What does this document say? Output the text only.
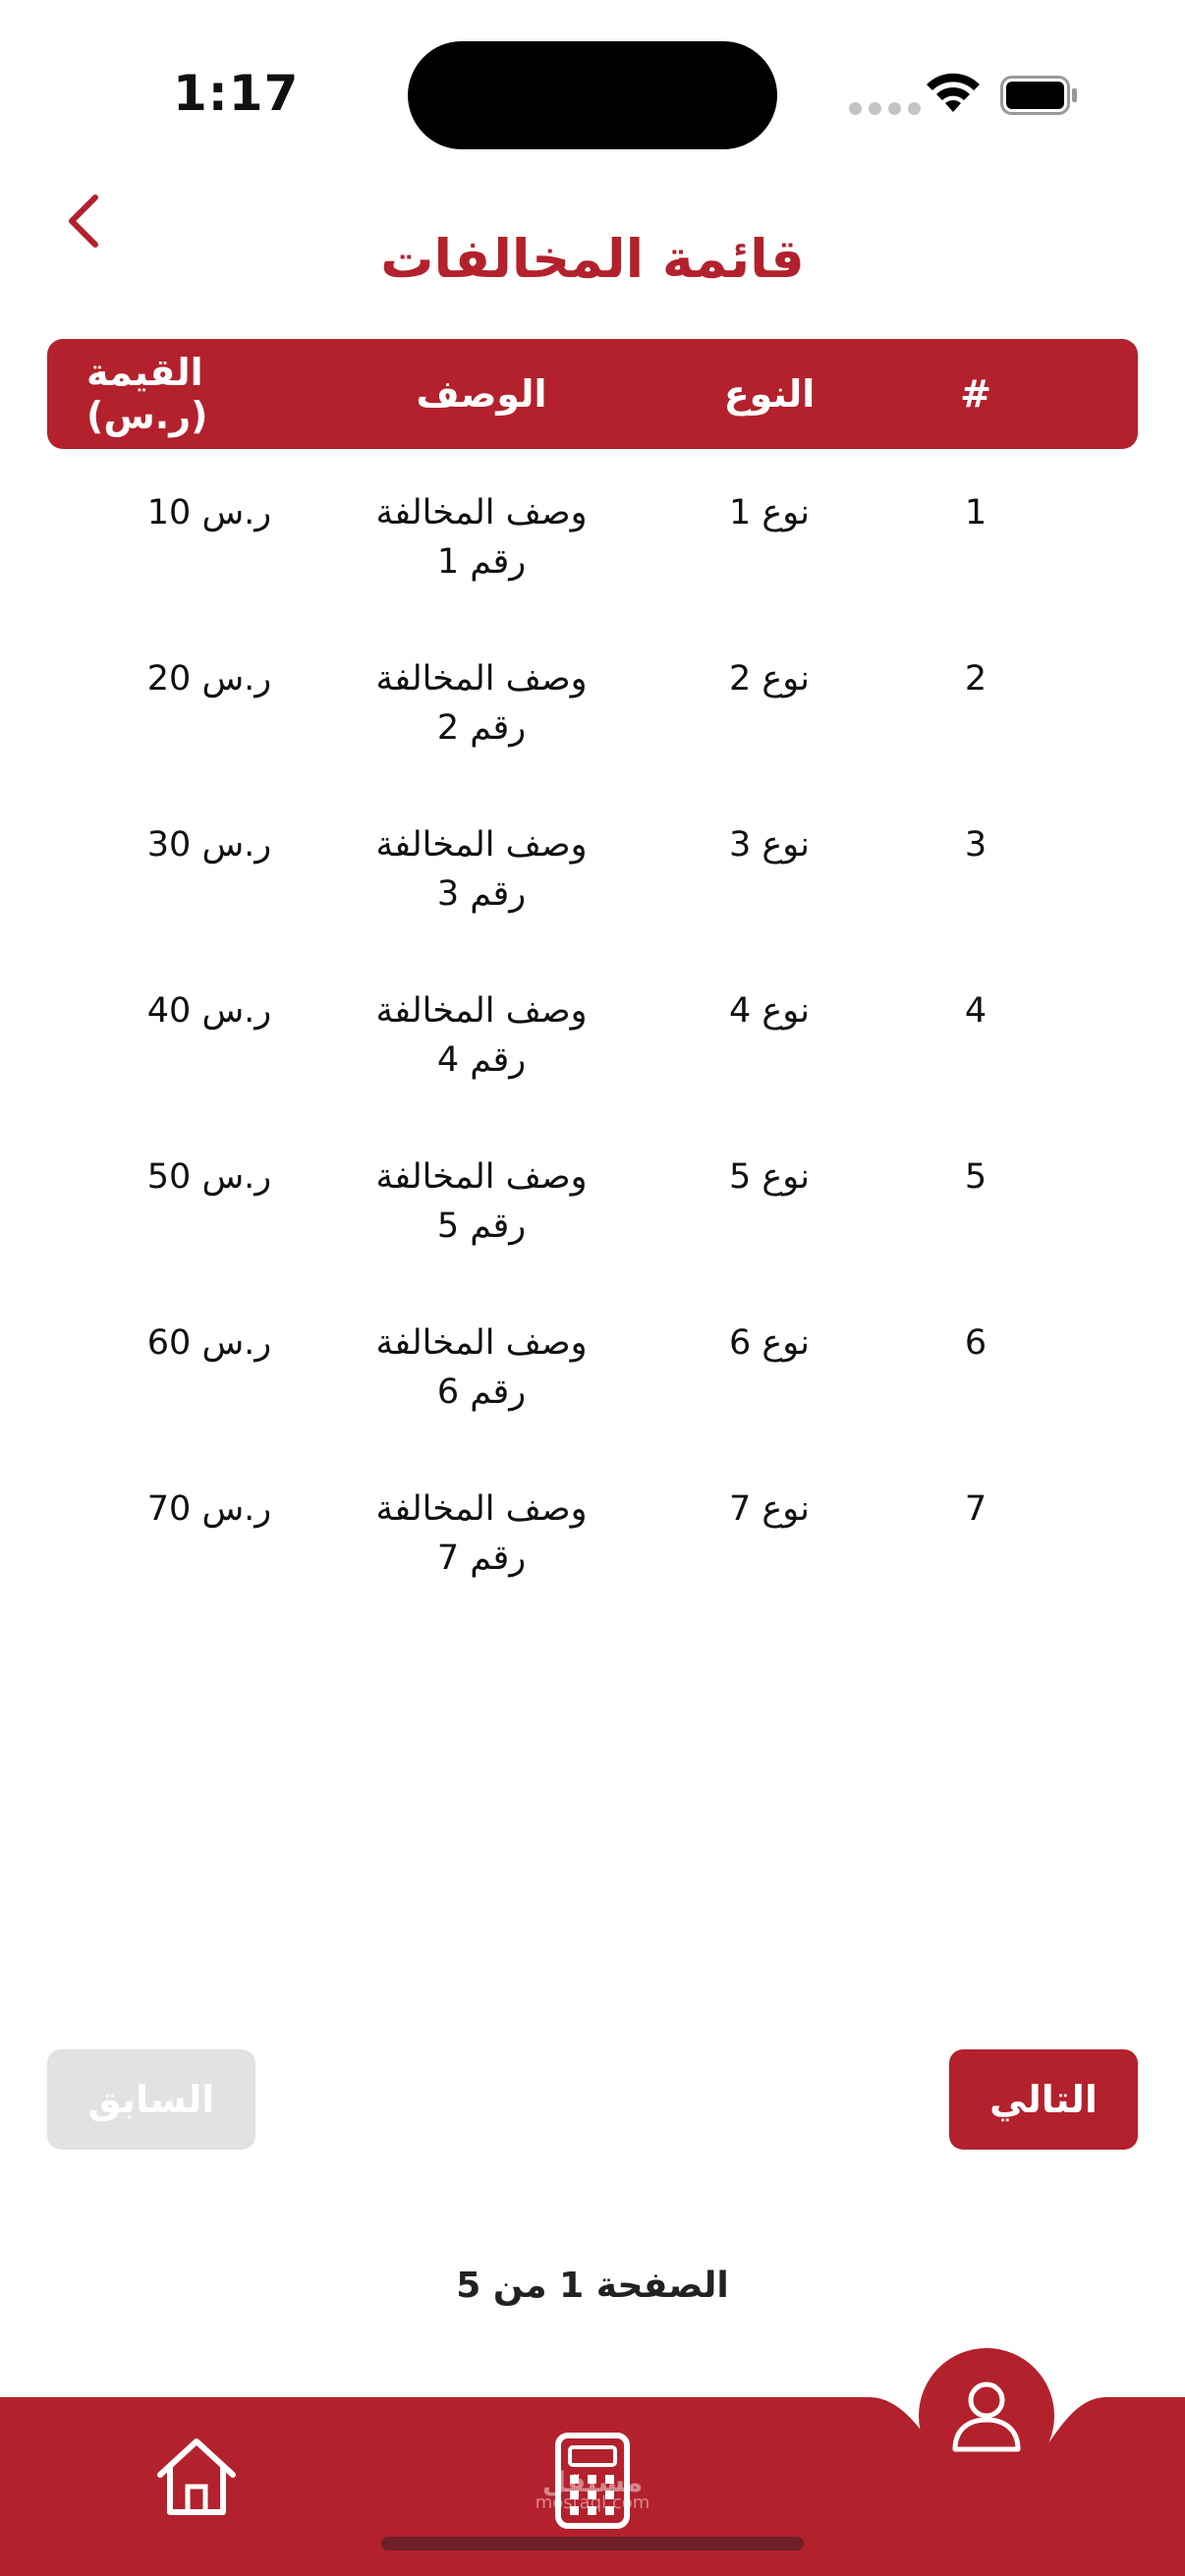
1:17
قائمة المخالفات
#
النوع
الوصف
القيمة (ر.س)
1
نوع 1
وصف المخالفة
رقم 1
10 ر.س
2
نوع 2
وصف المخالفة
رقم 2
20 ر.س
3
نوع 3
وصف المخالفة
رقم 3
30 ر.س
4
نوع 4
وصف المخالفة
رقم 4
40 ر.س
5
نوع 5
وصف المخالفة
رقم 5
50 ر.س
6
نوع 6
وصف المخالفة
رقم 6
60 ر.س
7
نوع 7
وصف المخالفة
رقم 7
70 ر.س
التالي
السابق
الصفحة 1 من 5
مستقل
mostaql.com
